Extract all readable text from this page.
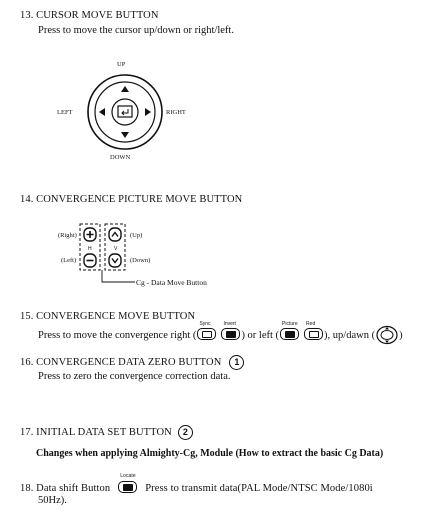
13. CURSOR MOVE BUTTON
Press to move the cursor up/down or right/left.
UP
LEFT	RIGHT
DOWN
14. CONVERGENCE PICTURE MOVE BUTTON
(Right)
(Left)
(Up)
(Down)
H	V
Cg - Data Move Button
15. CONVERGENCE MOVE BUTTON
Press to move the convergence right (
Sync	Invert
) or left (
Picture Red
), up/dawn ( )
16. CONVERGENCE DATA ZERO BUTTON	1
Press to zero the convergence correction data.
17. INITIAL DATA SET BUTTON	2
Changes when applying Almighty-Cg, Module (How to extract the basic Cg Data)
18. Data shift Button
Locate
Press to transmit data(PAL Mode/NTSC Mode/1080i
50Hz).
